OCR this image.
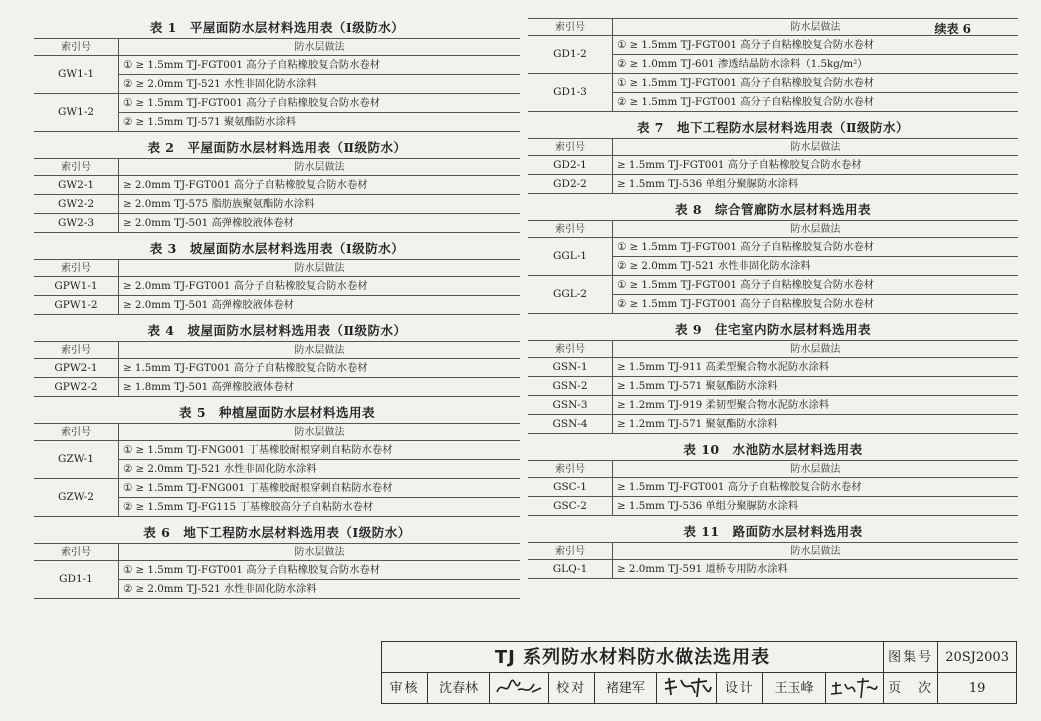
续表 6
表 1　平屋面防水层材料选用表（Ⅰ级防水）
索引号	防水层做法
GW1-1	① ≥ 1.5mm TJ-FGT001 高分子自粘橡胶复合防水卷材
	② ≥ 2.0mm TJ-521 水性非固化防水涂料
GW1-2	① ≥ 1.5mm TJ-FGT001 高分子自粘橡胶复合防水卷材
	② ≥ 1.5mm TJ-571 聚氨酯防水涂料
表 2　平屋面防水层材料选用表（Ⅱ级防水）
索引号	防水层做法
GW2-1	≥ 2.0mm TJ-FGT001 高分子自粘橡胶复合防水卷材
GW2-2	≥ 2.0mm TJ-575 脂肪族聚氨酯防水涂料
GW2-3	≥ 2.0mm TJ-501 高弹橡胶液体卷材
表 3　坡屋面防水层材料选用表（Ⅰ级防水）
索引号	防水层做法
GPW1-1	≥ 2.0mm TJ-FGT001 高分子自粘橡胶复合防水卷材
GPW1-2	≥ 2.0mm TJ-501 高弹橡胶液体卷材
表 4　坡屋面防水层材料选用表（Ⅱ级防水）
索引号	防水层做法
GPW2-1	≥ 1.5mm TJ-FGT001 高分子自粘橡胶复合防水卷材
GPW2-2	≥ 1.8mm TJ-501 高弹橡胶液体卷材
表 5　种植屋面防水层材料选用表
索引号	防水层做法
GZW-1	① ≥ 1.5mm TJ-FNG001 丁基橡胶耐根穿刺自粘防水卷材
	② ≥ 2.0mm TJ-521 水性非固化防水涂料
GZW-2	① ≥ 1.5mm TJ-FNG001 丁基橡胶耐根穿刺自粘防水卷材
	② ≥ 1.5mm TJ-FG115 丁基橡胶高分子自粘防水卷材
表 6　地下工程防水层材料选用表（Ⅰ级防水）
索引号	防水层做法
GD1-1	① ≥ 1.5mm TJ-FGT001 高分子自粘橡胶复合防水卷材
	② ≥ 2.0mm TJ-521 水性非固化防水涂料
索引号	防水层做法
GD1-2	① ≥ 1.5mm TJ-FGT001 高分子自粘橡胶复合防水卷材
	② ≥ 1.0mm TJ-601 渗透结晶防水涂料（1.5kg/m²）
GD1-3	① ≥ 1.5mm TJ-FGT001 高分子自粘橡胶复合防水卷材
	② ≥ 1.5mm TJ-FGT001 高分子自粘橡胶复合防水卷材
表 7　地下工程防水层材料选用表（Ⅱ级防水）
索引号	防水层做法
GD2-1	≥ 1.5mm TJ-FGT001 高分子自粘橡胶复合防水卷材
GD2-2	≥ 1.5mm TJ-536 单组分聚脲防水涂料
表 8　综合管廊防水层材料选用表
索引号	防水层做法
GGL-1	① ≥ 1.5mm TJ-FGT001 高分子自粘橡胶复合防水卷材
	② ≥ 2.0mm TJ-521 水性非固化防水涂料
GGL-2	① ≥ 1.5mm TJ-FGT001 高分子自粘橡胶复合防水卷材
	② ≥ 1.5mm TJ-FGT001 高分子自粘橡胶复合防水卷材
表 9　住宅室内防水层材料选用表
索引号	防水层做法
GSN-1	≥ 1.5mm TJ-911 高柔型聚合物水泥防水涂料
GSN-2	≥ 1.5mm TJ-571 聚氨酯防水涂料
GSN-3	≥ 1.2mm TJ-919 柔韧型聚合物水泥防水涂料
GSN-4	≥ 1.2mm TJ-571 聚氨酯防水涂料
表 10　水池防水层材料选用表
索引号	防水层做法
GSC-1	≥ 1.5mm TJ-FGT001 高分子自粘橡胶复合防水卷材
GSC-2	≥ 1.5mm TJ-536 单组分聚脲防水涂料
表 11　路面防水层材料选用表
索引号	防水层做法
GLQ-1	≥ 2.0mm TJ-591 道桥专用防水涂料
TJ 系列防水材料防水做法选用表									图集号	20SJ2003
审核	沈春林		校对	褚建军		设计	王玉峰		页　次	19
